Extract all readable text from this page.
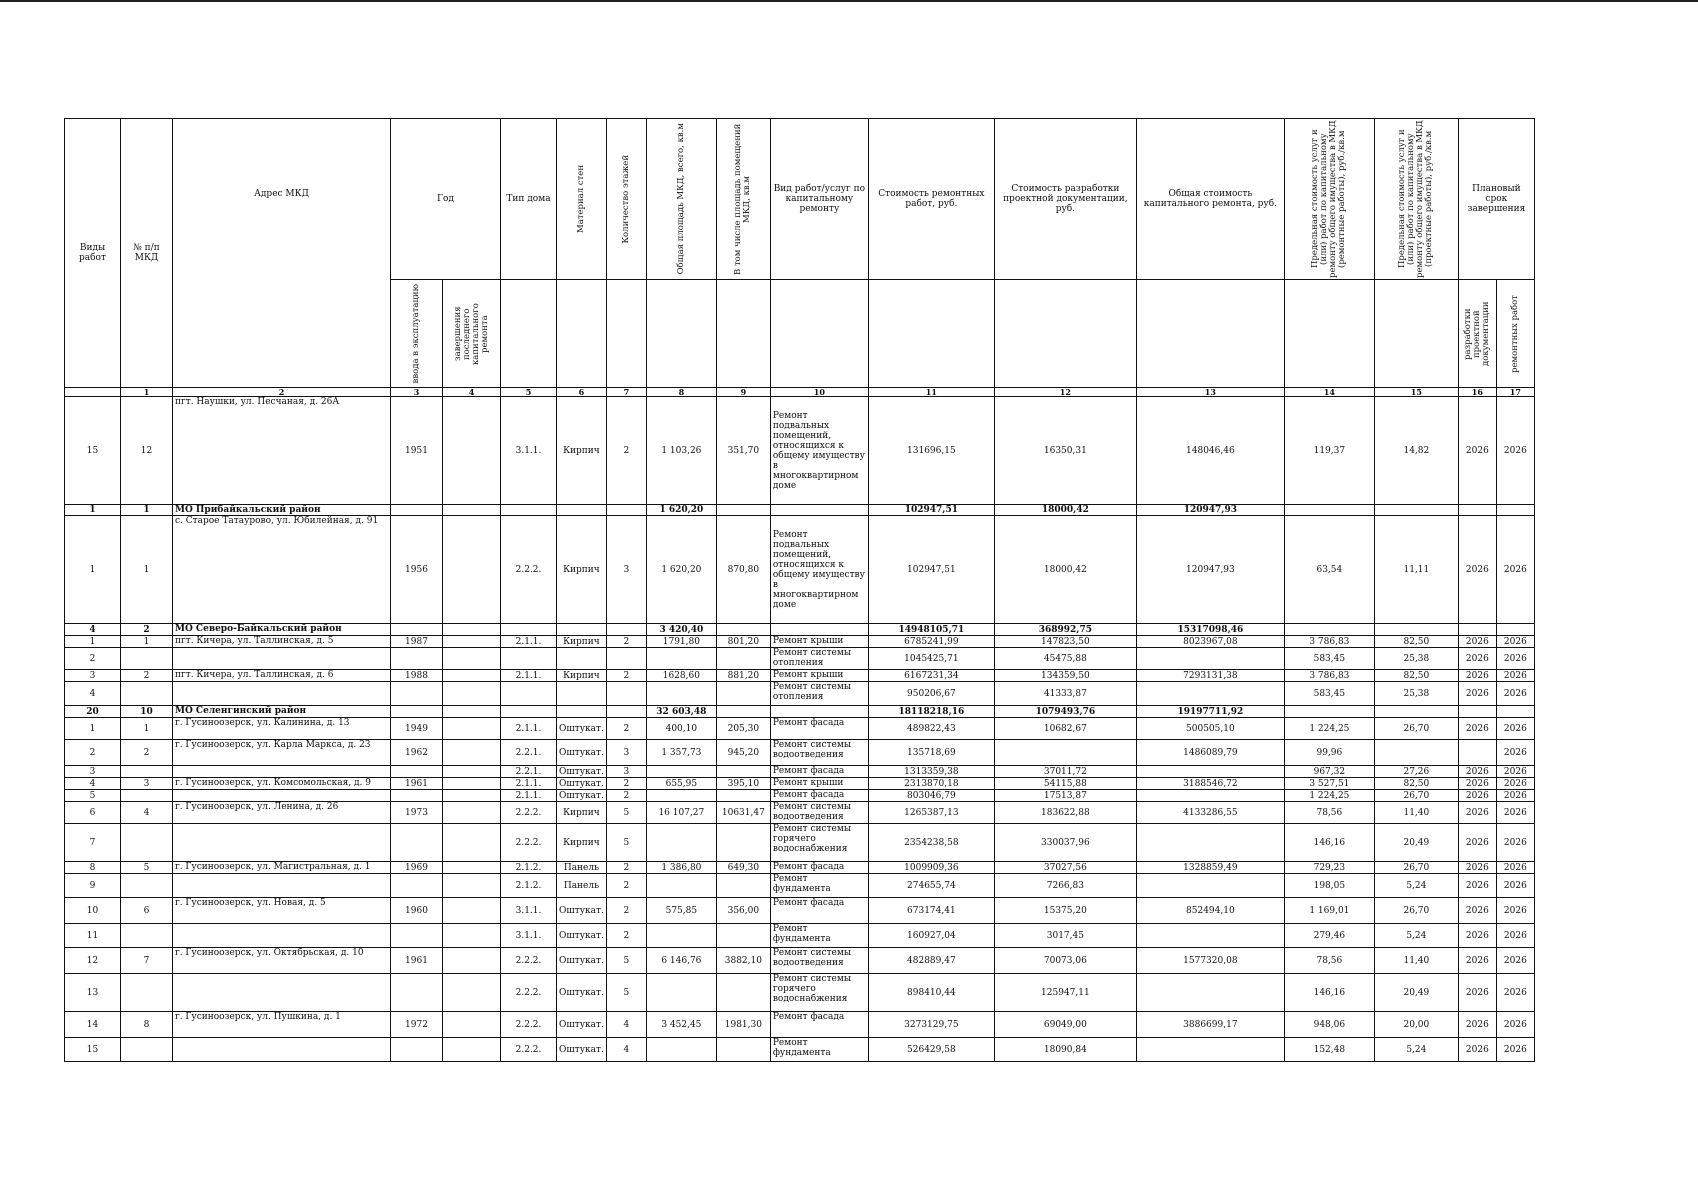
Виды работ	№ п/п МКД	Адрес МКД	Год		Тип дома	Материал стен	Количество этажей	Общая площадь МКД, всего, кв.м	В том числе площадь помещений МКД, кв.м	Вид работ/услуг по капитальному ремонту	Стоимость ремонтных работ, руб.	Стоимость разработки проектной документации, руб.	Общая стоимость капитального ремонта, руб.	Предельная стоимость услуг и (или) работ по капитальному ремонту общего имущества в МКД (ремонтные работы), руб./кв.м	Предельная стоимость услуг и (или) работ по капитальному ремонту общего имущества в МКД (проектные работы), руб./кв.м	Плановый срок завершения	

			ввода в эксплуатацию	завершения последнего капитального ремонта												разработки проектной документации	ремонтных работ

	1	2	3	4	5	6	7	8	9	10	11	12	13	14	15	16	17
15	12	пгт. Наушки, ул. Песчаная, д. 26А	1951		3.1.1.	Кирпич	2	1 103,26	351,70	Ремонт подвальных помещений, относящихся к общему имуществу в многоквартирном доме	131696,15	16350,31	148046,46	119,37	14,82	2026	2026
1	1	МО Прибайкальский район						1 620,20			102947,51	18000,42	120947,93				
1	1	с. Старое Татаурово, ул. Юбилейная, д. 91	1956		2.2.2.	Кирпич	3	1 620,20	870,80	Ремонт подвальных помещений, относящихся к общему имуществу в многоквартирном доме	102947,51	18000,42	120947,93	63,54	11,11	2026	2026
4	2	МО Северо-Байкальский район						3 420,40			14948105,71	368992,75	15317098,46				
1	1	пгт. Кичера, ул. Таллинская, д. 5	1987		2.1.1.	Кирпич	2	1791,80	801,20	Ремонт крыши	6785241,99	147823,50	8023967,08	3 786,83	82,50	2026	2026
2										Ремонт системы отопления	1045425,71	45475,88		583,45	25,38	2026	2026
3	2	пгт. Кичера, ул. Таллинская, д. 6	1988		2.1.1.	Кирпич	2	1628,60	881,20	Ремонт крыши	6167231,34	134359,50	7293131,38	3 786,83	82,50	2026	2026
4										Ремонт системы отопления	950206,67	41333,87		583,45	25,38	2026	2026
20	10	МО Селенгинский район						32 603,48			18118218,16	1079493,76	19197711,92				
1	1	г. Гусиноозерск, ул. Калинина, д. 13	1949		2.1.1.	Оштукат.	2	400,10	205,30	Ремонт фасада	489822,43	10682,67	500505,10	1 224,25	26,70	2026	2026
2	2	г. Гусиноозерск, ул. Карла Маркса, д. 23	1962		2.2.1.	Оштукат.	3	1 357,73	945,20	Ремонт системы водоотведения	135718,69		1486089,79	99,96			2026
3					2.2.1.	Оштукат.	3			Ремонт фасада	1313359,38	37011,72		967,32	27,26	2026	2026
4	3	г. Гусиноозерск, ул. Комсомольская, д. 9	1961		2.1.1.	Оштукат.	2	655,95	395,10	Ремонт крыши	2313870,18	54115,88	3188546,72	3 527,51	82,50	2026	2026
5					2.1.1.	Оштукат.	2			Ремонт фасада	803046,79	17513,87		1 224,25	26,70	2026	2026
6	4	г. Гусиноозерск, ул. Ленина, д. 26	1973		2.2.2.	Кирпич	5	16 107,27	10631,47	Ремонт системы водоотведения	1265387,13	183622,88	4133286,55	78,56	11,40	2026	2026
7					2.2.2.	Кирпич	5			Ремонт системы горячего водоснабжения	2354238,58	330037,96		146,16	20,49	2026	2026
8	5	г. Гусиноозерск, ул. Магистральная, д. 1	1969		2.1.2.	Панель	2	1 386,80	649,30	Ремонт фасада	1009909,36	37027,56	1328859,49	729,23	26,70	2026	2026
9					2.1.2.	Панель	2			Ремонт фундамента	274655,74	7266,83		198,05	5,24	2026	2026
10	6	г. Гусиноозерск, ул. Новая, д. 5	1960		3.1.1.	Оштукат.	2	575,85	356,00	Ремонт фасада	673174,41	15375,20	852494,10	1 169,01	26,70	2026	2026
11					3.1.1.	Оштукат.	2			Ремонт фундамента	160927,04	3017,45		279,46	5,24	2026	2026
12	7	г. Гусиноозерск, ул. Октябрьская, д. 10	1961		2.2.2.	Оштукат.	5	6 146,76	3882,10	Ремонт системы водоотведения	482889,47	70073,06	1577320,08	78,56	11,40	2026	2026
13					2.2.2.	Оштукат.	5			Ремонт системы горячего водоснабжения	898410,44	125947,11		146,16	20,49	2026	2026
14	8	г. Гусиноозерск, ул. Пушкина, д. 1	1972		2.2.2.	Оштукат.	4	3 452,45	1981,30	Ремонт фасада	3273129,75	69049,00	3886699,17	948,06	20,00	2026	2026
15					2.2.2.	Оштукат.	4			Ремонт фундамента	526429,58	18090,84		152,48	5,24	2026	2026
